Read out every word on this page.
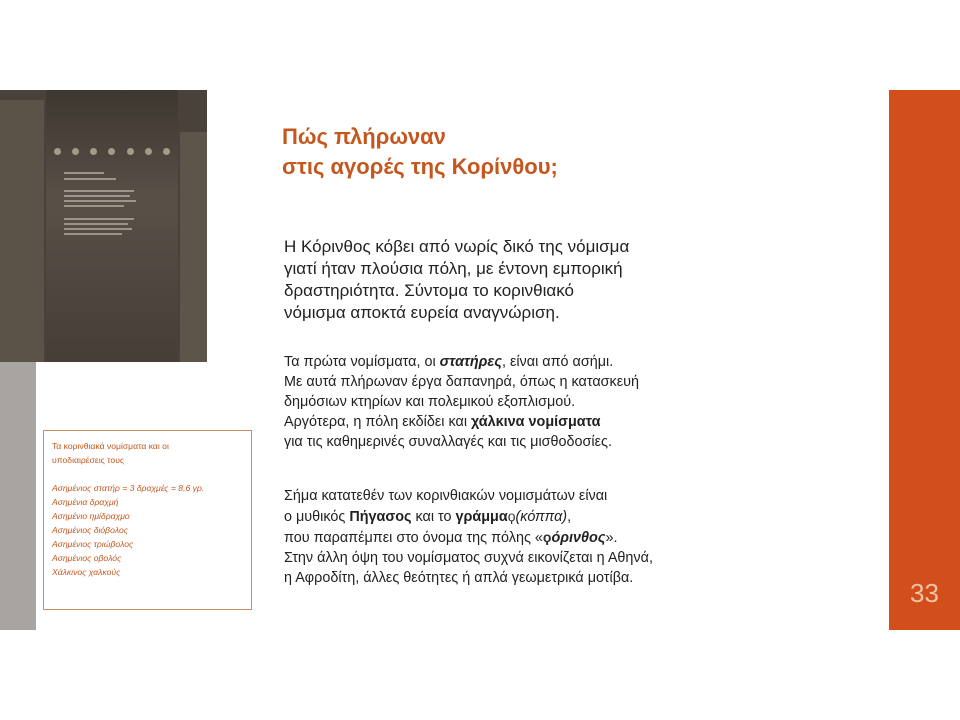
Πώς πλήρωναν
στις αγορές της Κορίνθου;
Η Κόρινθος κόβει από νωρίς δικό της νόμισμα
γιατί ήταν πλούσια πόλη, με έντονη εμπορική
δραστηριότητα. Σύντομα το κορινθιακό
νόμισμα αποκτά ευρεία αναγνώριση.
Τα πρώτα νομίσματα, οι στατήρες, είναι από ασήμι.
Με αυτά πλήρωναν έργα δαπανηρά, όπως η κατασκευή
δημόσιων κτηρίων και πολεμικού εξοπλισμού.
Αργότερα, η πόλη εκδίδει και χάλκινα νομίσματα
για τις καθημερινές συναλλαγές και τις μισθοδοσίες.
Σήμα κατατεθέν των κορινθιακών νομισμάτων είναι
ο μυθικός Πήγασος και το γράμμαϙ(κόππα),
που παραπέμπει στο όνομα της πόλης «ϙόρινθος».
Στην άλλη όψη του νομίσματος συχνά εικονίζεται η Αθηνά,
η Αφροδίτη, άλλες θεότητες ή απλά γεωμετρικά μοτίβα.
Τα κορινθιακά νομίσματα και οι
υποδιαιρέσεις τους
Ασημένιος στατήρ = 3 δραχμές = 8,6 γρ.
Ασημένια δραχμή
Ασημένιο ημίδραχμο
Ασημένιος διόβολος
Ασημένιος τριώβολος
Ασημένιος οβολός
Χάλκινος χαλκούς
33
